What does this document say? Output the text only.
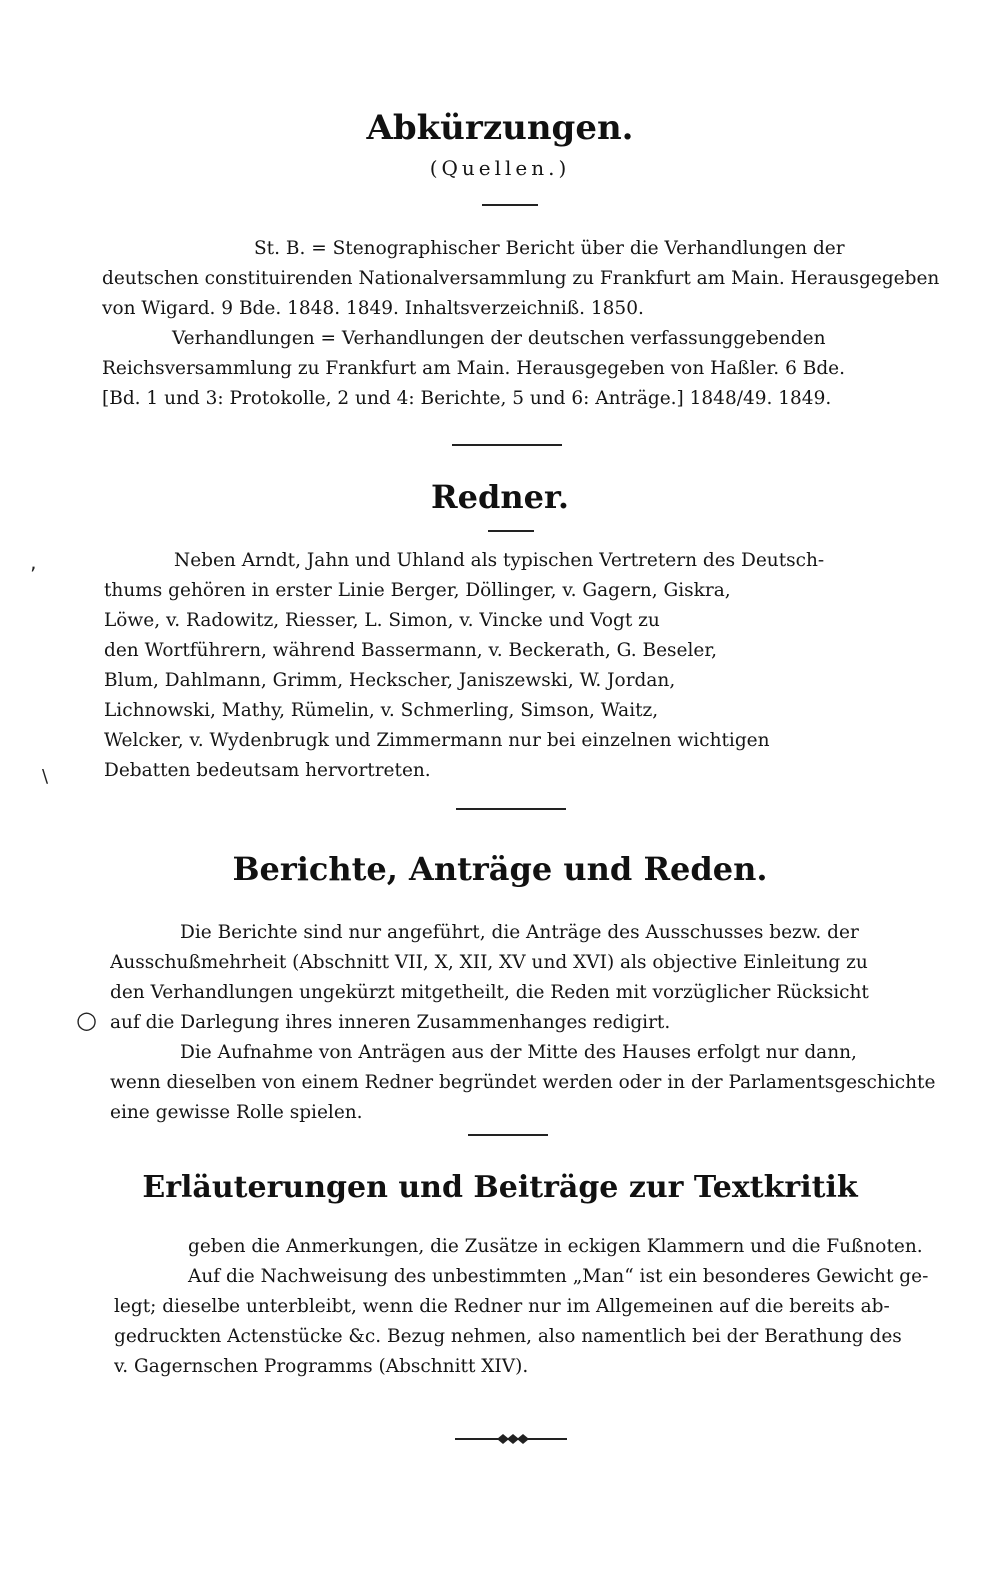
Abkürzungen.
(Quellen.)
St. B. = Stenographischer Bericht über die Verhandlungen der
deutschen constituirenden Nationalversammlung zu Frankfurt am Main. Herausgegeben
von Wigard. 9 Bde. 1848. 1849. Inhaltsverzeichniß. 1850.
Verhandlungen = Verhandlungen der deutschen verfassunggebenden
Reichsversammlung zu Frankfurt am Main. Herausgegeben von Haßler. 6 Bde.
[Bd. 1 und 3: Protokolle, 2 und 4: Berichte, 5 und 6: Anträge.] 1848/49. 1849.
Redner.
‚	Neben Arndt, Jahn und Uhland als typischen Vertretern des Deutsch-
thums gehören in erster Linie Berger, Döllinger, v. Gagern, Giskra,
Löwe, v. Radowitz, Riesser, L. Simon, v. Vincke und Vogt zu
den Wortführern, während Bassermann, v. Beckerath, G. Beseler,
Blum, Dahlmann, Grimm, Heckscher, Janiszewski, W. Jordan,
Lichnowski, Mathy, Rümelin, v. Schmerling, Simson, Waitz,
Welcker, v. Wydenbrugk und Zimmermann nur bei einzelnen wichtigen
Debatten bedeutsam hervortreten.
\
Berichte, Anträge und Reden.
Die Berichte sind nur angeführt, die Anträge des Ausschusses bezw. der
Ausschußmehrheit (Abschnitt VII, X, XII, XV und XVI) als objective Einleitung zu
den Verhandlungen ungekürzt mitgetheilt, die Reden mit vorzüglicher Rücksicht
auf die Darlegung ihres inneren Zusammenhanges redigirt.
Die Aufnahme von Anträgen aus der Mitte des Hauses erfolgt nur dann,
wenn dieselben von einem Redner begründet werden oder in der Parlamentsgeschichte
eine gewisse Rolle spielen.
○
Erläuterungen und Beiträge zur Textkritik
geben die Anmerkungen, die Zusätze in eckigen Klammern und die Fußnoten.
Auf die Nachweisung des unbestimmten „Man“ ist ein besonderes Gewicht ge-
legt; dieselbe unterbleibt, wenn die Redner nur im Allgemeinen auf die bereits ab-
gedruckten Actenstücke &c. Bezug nehmen, also namentlich bei der Berathung des
v. Gagernschen Programms (Abschnitt XIV).
